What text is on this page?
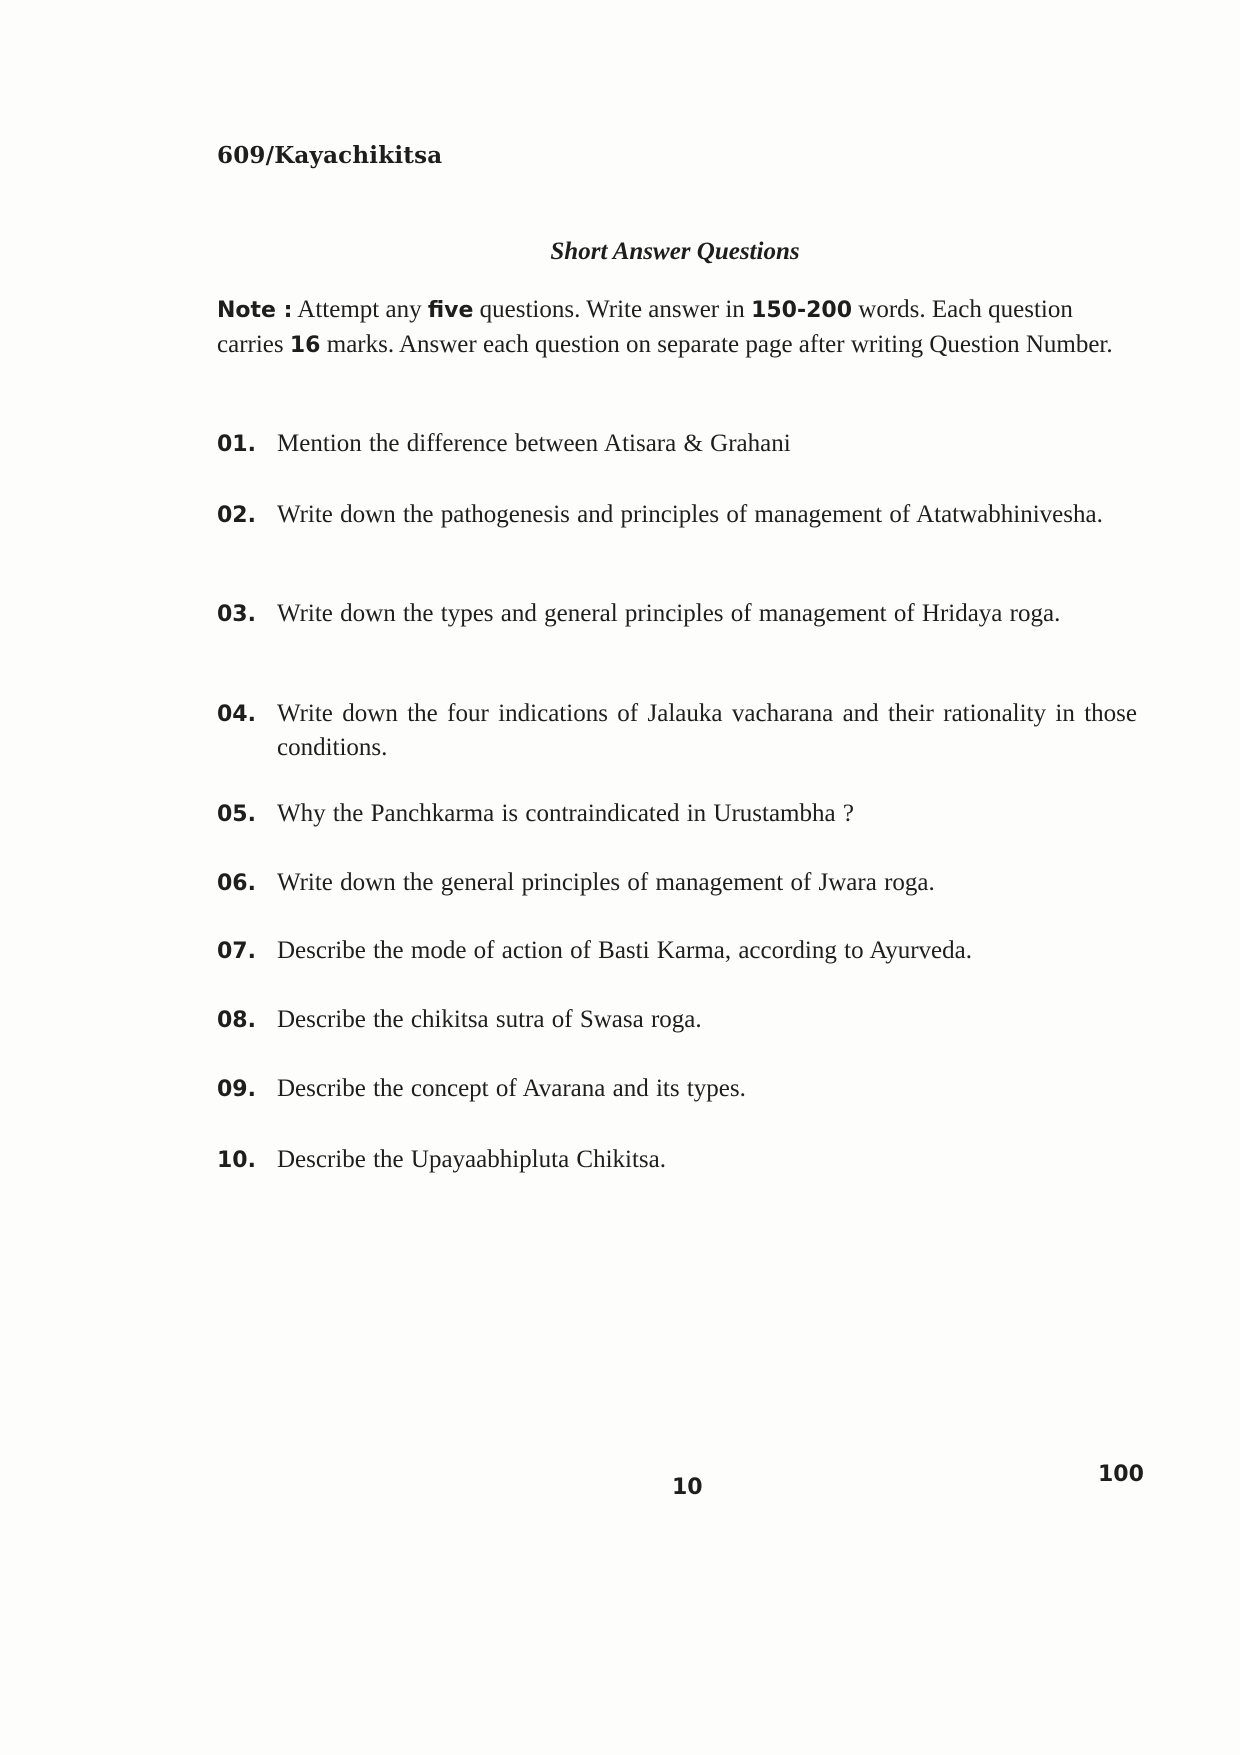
609/Kayachikitsa
Short Answer Questions
Note : Attempt any five questions. Write answer in 150-200 words. Each question carries 16 marks. Answer each question on separate page after writing Question Number.
01. Mention the difference between Atisara & Grahani
02. Write down the pathogenesis and principles of management of Atatwabhinivesha.
03. Write down the types and general principles of management of Hridaya roga.
04. Write down the four indications of Jalauka vacharana and their rationality in those conditions.
05. Why the Panchkarma is contraindicated in Urustambha ?
06. Write down the general principles of management of Jwara roga.
07. Describe the mode of action of Basti Karma, according to Ayurveda.
08. Describe the chikitsa sutra of Swasa roga.
09. Describe the concept of Avarana and its types.
10. Describe the Upayaabhipluta Chikitsa.
10
100
